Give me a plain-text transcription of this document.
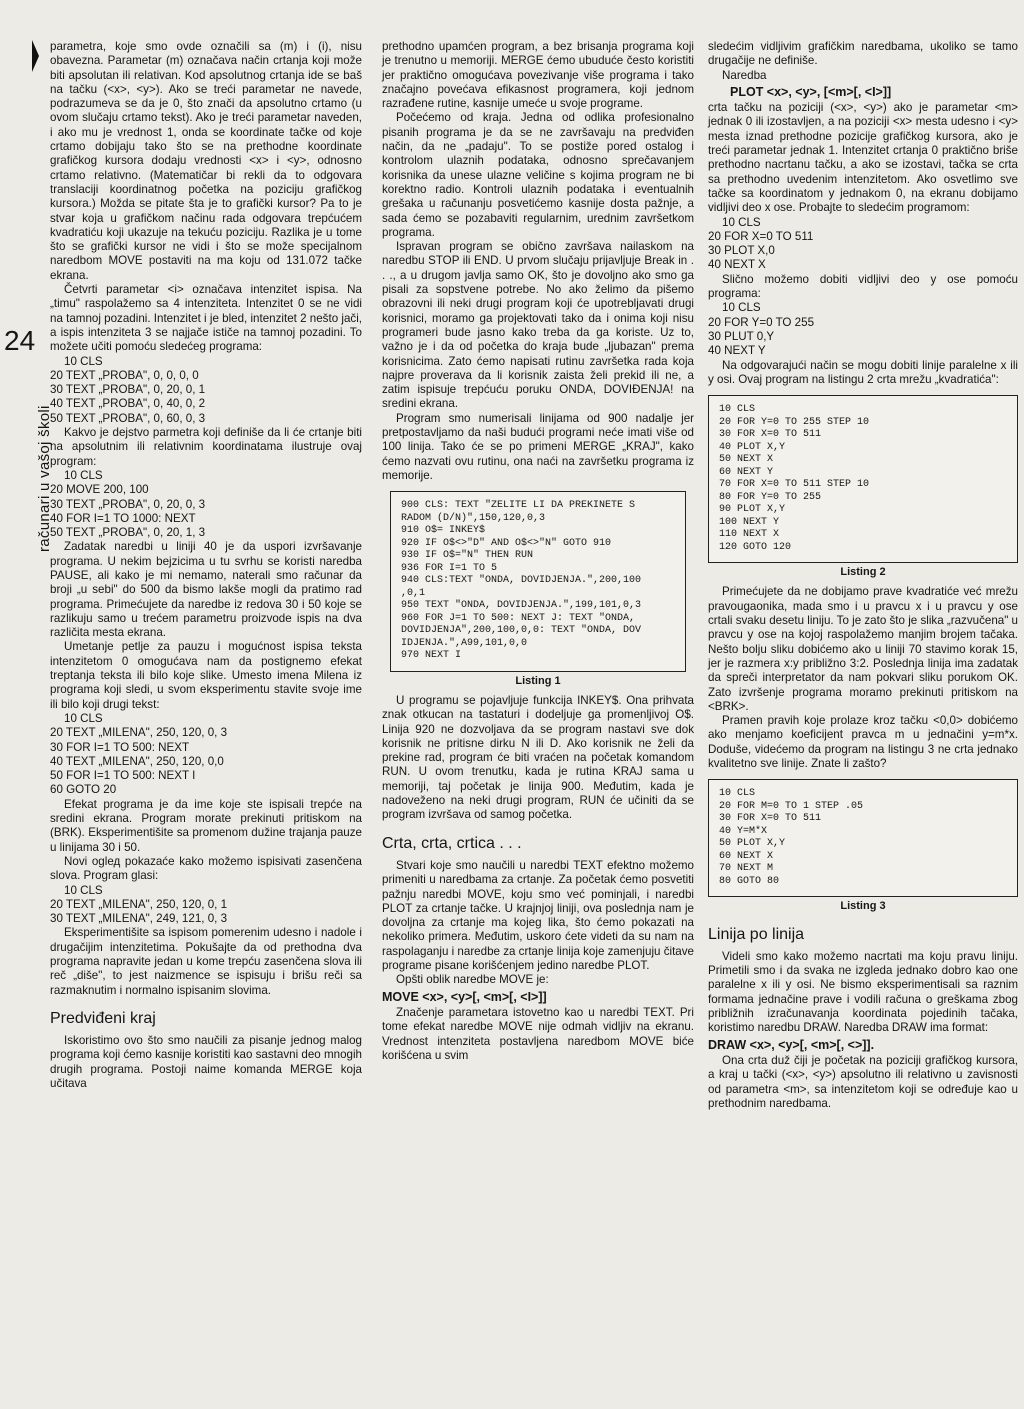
24
računari u vašoj školi

parametra, koje smo ovde označili sa (m) i (i), nisu obavezna. Parametar (m) označava način crtanja koji može biti apsolutan ili relativan. Kod apsolutnog crtanja ide se baš na tačku (<x>, <y>). Ako se treći parametar ne navede, podrazumeva se da je 0, što znači da apsolutno crtamo (u ovom slučaju crtamo tekst). Ako je treći parametar naveden, i ako mu je vrednost 1, onda se koordinate tačke od koje crtamo dobijaju tako što se na prethodne koordinate grafičkog kursora dodaju vrednosti <x> i <y>, odnosno crtamo relativno. (Matematičar bi rekli da to odgovara translaciji koordinatnog početka na poziciju grafičkog kursora.) Možda se pitate šta je to grafički kursor? Pa to je stvar koja u grafičkom načinu rada odgovara trepćućem kvadratiću koji ukazuje na tekuću poziciju. Razlika je u tome što se grafički kursor ne vidi i što se može specijalnom naredbom MOVE postaviti na ma koju od 131.072 tačke ekrana.

Četvrti parametar <i> označava intenzitet ispisa. Na „timu" raspolažemo sa 4 intenziteta. Intenzitet 0 se ne vidi na tamnoj pozadini. Intenzitet i je bled, intenzitet 2 nešto jači, a ispis intenziteta 3 se najjače ističe na tamnoj pozadini. To možete učiti pomoću sledećeg programa:

10 CLS
20 TEXT „PROBA", 0, 0, 0, 0
30 TEXT „PROBA", 0, 20, 0, 1
40 TEXT „PROBA", 0, 40, 0, 2
50 TEXT „PROBA", 0, 60, 0, 3

Kakvo je dejstvo parmetra koji definiše da li će crtanje biti na apsolutnim ili relativnim koordinatama ilustruje ovaj program:

10 CLS
20 MOVE 200, 100
30 TEXT „PROBA", 0, 20, 0, 3
40 FOR I=1 TO 1000: NEXT
50 TEXT „PROBA", 0, 20, 1, 3

Zadatak naredbi u liniji 40 je da uspori izvršavanje programa. U nekim bejzicima u tu svrhu se koristi naredba PAUSE, ali kako je mi nemamo, naterali smo računar da broji „u sebi" do 500 da bismo lakše mogli da pratimo rad programa. Primećujete da naredbe iz redova 30 i 50 koje se razlikuju samo u trećem parametru proizvode ispis na dva različita mesta ekrana.

Umetanje petlje za pauzu i mogućnost ispisa teksta intenzitetom 0 omogućava nam da postignemo efekat treptanja teksta ili bilo koje slike. Umesto imena Milena iz programa koji sledi, u svom eksperimentu stavite svoje ime ili bilo koji drugi tekst:

10 CLS
20 TEXT „MILENA", 250, 120, 0, 3
30 FOR I=1 TO 500: NEXT
40 TEXT „MILENA", 250, 120, 0,0
50 FOR I=1 TO 500: NEXT I
60 GOTO 20

Efekat programa je da ime koje ste ispisali trepće na sredini ekrana. Program morate prekinuti pritiskom na (BRK). Eksperimentišite sa promenom dužine trajanja pauze u linijama 30 i 50.

Novi oglед pokazaće kako možemo ispisivati zasenčena slova. Program glasi:

10 CLS
20 TEXT „MILENA", 250, 120, 0, 1
30 TEXT „MILENA", 249, 121, 0, 3

Eksperimentišite sa ispisom pomerenim udesno i nadole i drugačijim intenzitetima. Pokušajte da od prethodna dva programa napravite jedan u kome trepću zasenčena slova ili reč „diše", to jest naizmence se ispisuju i brišu reči sa razmaknutim i normalno ispisanim slovima.

Predviđeni kraj

Iskoristimo ovo što smo naučili za pisanje jednog malog programa koji ćemo kasnije koristiti kao sastavni deo mnogih drugih programa. Postoji naime komanda MERGE koja učitava

prethodno upamćen program, a bez brisanja programa koji je trenutno u memoriji. MERGE ćemo ubuduće često koristiti jer praktično omogućava povezivanje više programa i tako značajno povećava efikasnost programera, koji jednom razrađene rutine, kasnije umeće u svoje programe.

Počećemo od kraja. Jedna od odlika profesionalno pisanih programa je da se ne završavaju na predviđen način, da ne „padaju". To se postiže pored ostalog i kontrolom ulaznih podataka, odnosno sprečavanjem korisnika da unese ulazne veličine s kojima program ne bi korektno radio. Kontroli ulaznih podataka i eventualnih grešaka u računanju posvetićemo kasnije dosta pažnje, a sada ćemo se pozabaviti regularnim, urednim završetkom programa.

Ispravan program se obično završava nailaskom na naredbu STOP ili END. U prvom slučaju prijavljuje Break in . . ., a u drugom javlja samo OK, što je dovoljno ako smo ga pisali za sopstvene potrebe. No ako želimo da pišemo obrazovni ili neki drugi program koji će upotrebljavati drugi korisnici, moramo ga projektovati tako da i onima koji nisu programeri bude jasno kako treba da ga koriste. Uz to, važno je i da od početka do kraja bude „ljubazan" prema korisnicima. Zato ćemo napisati rutinu završetka rada koja najpre proverava da li korisnik zaista želi prekid ili ne, a zatim ispisuje trepćuću poruku ONDA, DOVIĐENJA! na sredini ekrana.

Program smo numerisali linijama od 900 nadalje jer pretpostavljamo da naši budući programi neće imati više od 100 linija. Tako će se po primeni MERGE „KRAJ", kako ćemo nazvati ovu rutinu, ona naći na završetku programa iz memorije.

900 CLS: TEXT "ZELITE LI DA PREKINETE S
RADOM (D/N)",150,120,0,3
910 O$= INKEY$
920 IF O$<>"D" AND O$<>"N" GOTO 910
930 IF O$="N" THEN RUN
936 FOR I=1 TO 5
940 CLS:TEXT "ONDA, DOVIDJENJA.",200,100
,0,1
950 TEXT "ONDA, DOVIDJENJA.",199,101,0,3
960 FOR J=1 TO 500: NEXT J: TEXT "ONDA,
DOVIDJENJA",200,100,0,0: TEXT "ONDA, DOV
IDJENJA.",A99,101,0,0
970 NEXT I
Listing 1

U programu se pojavljuje funkcija INKEY$. Ona prihvata znak otkucan na tastaturi i dodeljuje ga promenljivoj O$. Linija 920 ne dozvoljava da se program nastavi sve dok korisnik ne pritisne dirku N ili D. Ako korisnik ne želi da prekine rad, program će biti vraćen na početak komandom RUN. U ovom trenutku, kada je rutina KRAJ sama u memoriji, taj početak je linija 900. Međutim, kada je nadoveženo na neki drugi program, RUN će učiniti da se program izvršava od samog početka.

Crta, crta, crtica . . .

Stvari koje smo naučili u naredbi TEXT efektno možemo primeniti u naredbama za crtanje. Za početak ćemo posvetiti pažnju naredbi MOVE, koju smo već pominjali, i naredbi PLOT za crtanje tačke. U krajnjoj liniji, ova poslednja nam je dovoljna za crtanje ma kojeg lika, što ćemo pokazati na nekoliko primera. Međutim, uskoro ćete videti da su nam na raspolaganju i naredbe za crtanje linija koje zamenjuju čitave programe pisane korišćenjem jedino naredbe PLOT.

Opšti oblik naredbe MOVE je:

MOVE <x>, <y>[, <m>[, <I>]]

Značenje parametara istovetno kao u naredbi TEXT. Pri tome efekat naredbe MOVE nije odmah vidljiv na ekranu. Vrednost intenziteta postavljena naredbom MOVE biće korišćena u svim

sledećim vidljivim grafičkim naredbama, ukoliko se tamo drugačije ne definiše.

Naredba

PLOT <x>, <y>, [<m>[, <I>]]

crta tačku na poziciji (<x>, <y>) ako je parametar <m> jednak 0 ili izostavljen, a na poziciji <x> mesta udesno i <y> mesta iznad prethodne pozicije grafičkog kursora, ako je treći parametar jednak 1. Intenzitet crtanja 0 praktično briše prethodno nacrtanu tačku, a ako se izostavi, tačka se crta sa prethodno uvedenim intenzitetom. Ako osvetlimo sve tačke sa koordinatom y jednakom 0, na ekranu dobijamo vidljivi deo x ose. Probajte to sledećim programom:

10 CLS
20 FOR X=0 TO 511
30 PLOT X,0
40 NEXT X

Slično možemo dobiti vidljivi deo y ose pomoću programa:

10 CLS
20 FOR Y=0 TO 255
30 PLUT 0,Y
40 NEXT Y

Na odgovarajući način se mogu dobiti linije paralelne x ili y osi. Ovaj program na listingu 2 crta mrežu „kvadratića":

10 CLS
20 FOR Y=0 TO 255 STEP 10
30 FOR X=0 TO 511
40 PLOT X,Y
50 NEXT X
60 NEXT Y
70 FOR X=0 TO 511 STEP 10
80 FOR Y=0 TO 255
90 PLOT X,Y
100 NEXT Y
110 NEXT X
120 GOTO 120
Listing 2

Primećujete da ne dobijamo prave kvadratiće već mrežu pravougaonika, mada smo i u pravcu x i u pravcu y ose crtali svaku desetu liniju. To je zato što je slika „razvučena" u pravcu y ose na kojoj raspolažemo manjim brojem tačaka. Nešto bolju sliku dobićemo ako u liniji 70 stavimo korak 15, jer je razmera x:y približno 3:2. Poslednja linija ima zadatak da spreči interpretator da nam pokvari sliku porukom OK. Zato izvršenje programa moramo prekinuti pritiskom na <BRK>.

Pramen pravih koje prolaze kroz tačku <0,0> dobićemo ako menjamo koeficijent pravca m u jednačini y=m*x. Doduše, videćemo da program na listingu 3 ne crta jednako kvalitetno sve linije. Znate li zašto?

10 CLS
20 FOR M=0 TO 1 STEP .05
30 FOR X=0 TO 511
40 Y=M*X
50 PLOT X,Y
60 NEXT X
70 NEXT M
80 GOTO 80
Listing 3
Linija po linija

Videli smo kako možemo nacrtati ma koju pravu liniju. Primetili smo i da svaka ne izgleda jednako dobro kao one paralelne x ili y osi. Ne bismo eksperimentisali sa raznim formama jednačine prave i vodili računa o greškama zbog približnih izračunavanja koordinata pojedinih tačaka, koristimo naredbu DRAW. Naredba DRAW ima format:

DRAW <x>, <y>[, <m>[, <>]].

Ona crta duž čiji je početak na poziciji grafičkog kursora, a kraj u tački (<x>, <y>) apsolutno ili relativno u zavisnosti od parametra <m>, sa intenzitetom koji se određuje kao u prethodnim naredbama.
